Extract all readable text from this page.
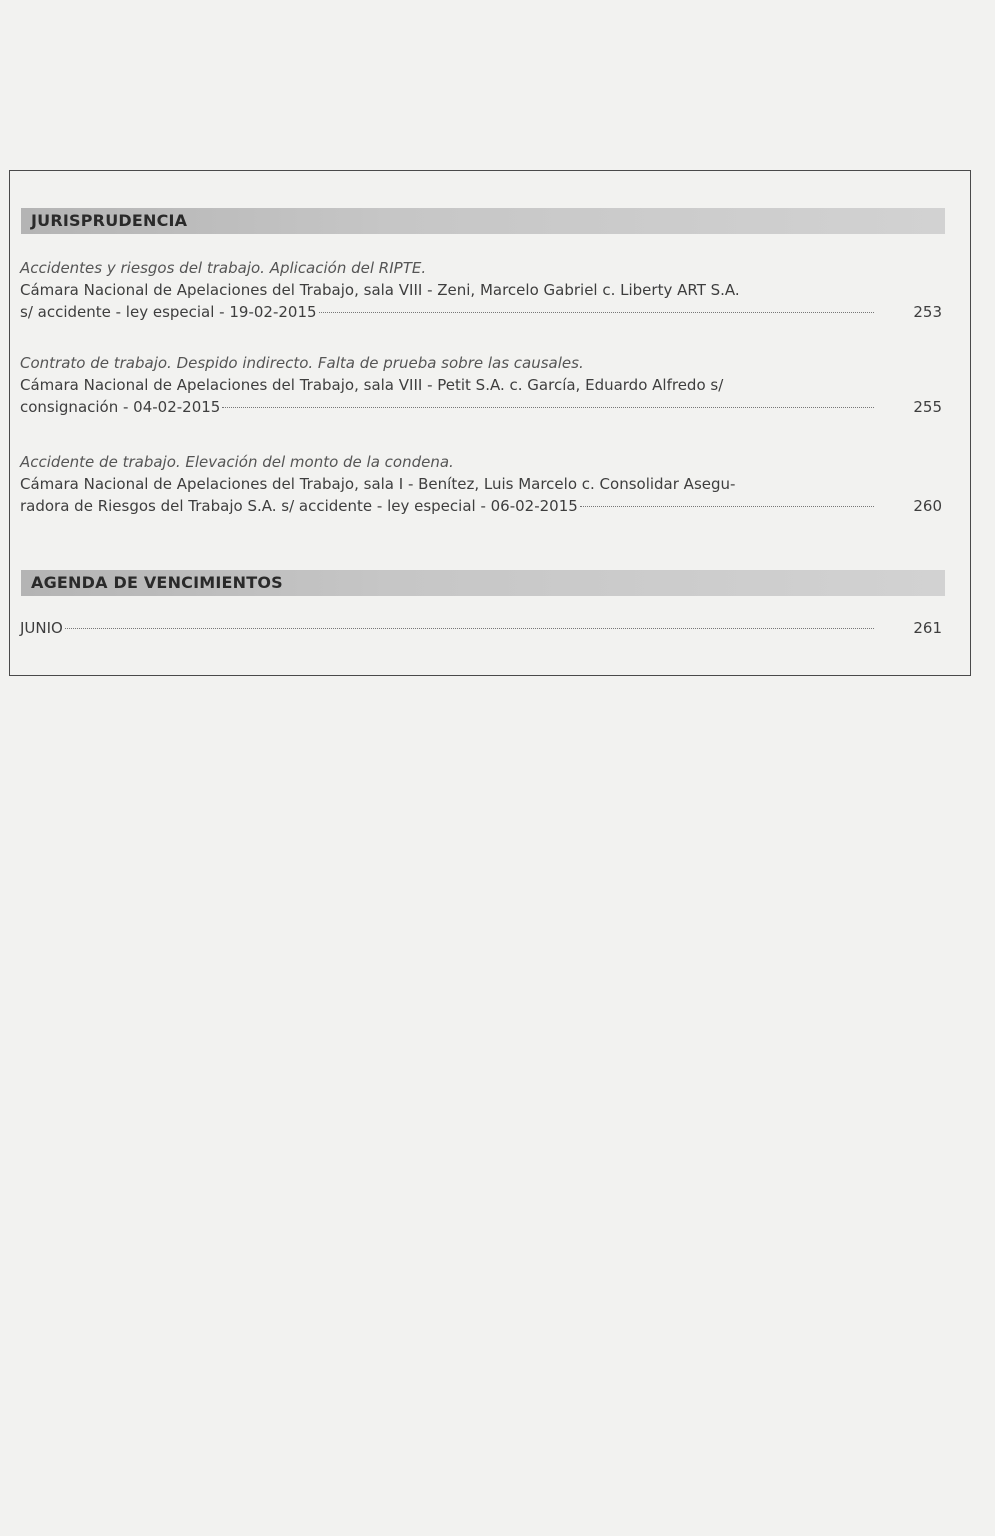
JURISPRUDENCIA

Accidentes y riesgos del trabajo. Aplicación del RIPTE.

Cámara Nacional de Apelaciones del Trabajo, sala VIII - Zeni, Marcelo Gabriel c. Liberty ART S.A.

s/ accidente - ley especial - 19-02-2015	253

Contrato de trabajo. Despido indirecto. Falta de prueba sobre las causales.

Cámara Nacional de Apelaciones del Trabajo, sala VIII - Petit S.A. c. García, Eduardo Alfredo s/

consignación - 04-02-2015	255

Accidente de trabajo. Elevación del monto de la condena.

Cámara Nacional de Apelaciones del Trabajo, sala I - Benítez, Luis Marcelo c. Consolidar Asegu-

radora de Riesgos del Trabajo S.A. s/ accidente - ley especial - 06-02-2015	260
AGENDA DE VENCIMIENTOS
JUNIO	261
